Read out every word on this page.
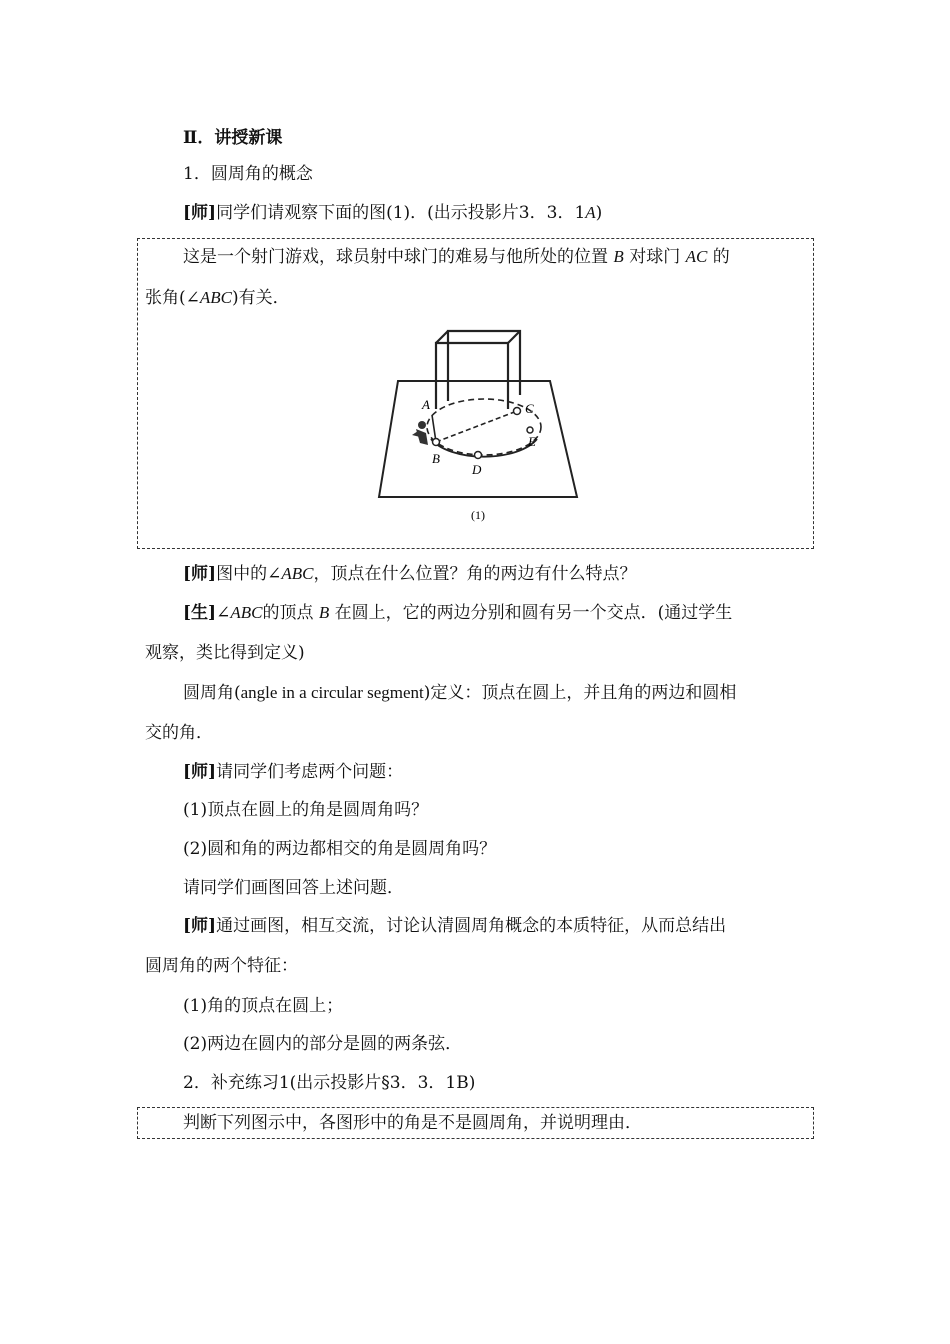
Ⅱ．讲授新课
1．圆周角的概念
[师]同学们请观察下面的图(1)．(出示投影片3．3．1A)
这是一个射门游戏，球员射中球门的难易与他所处的位置 B 对球门 AC 的
张角(∠ABC)有关．
A
B
C
D
E
(1)
[师]图中的∠ABC，顶点在什么位置？角的两边有什么特点？
[生]∠ABC的顶点 B 在圆上，它的两边分别和圆有另一个交点．(通过学生
观察，类比得到定义)
圆周角(angle in a circular segment)定义：顶点在圆上，并且角的两边和圆相
交的角．
[师]请同学们考虑两个问题：
(1)顶点在圆上的角是圆周角吗？
(2)圆和角的两边都相交的角是圆周角吗？
请同学们画图回答上述问题．
[师]通过画图，相互交流，讨论认清圆周角概念的本质特征，从而总结出
圆周角的两个特征：
(1)角的顶点在圆上；
(2)两边在圆内的部分是圆的两条弦．
2．补充练习1(出示投影片§3．3．1B)
判断下列图示中，各图形中的角是不是圆周角，并说明理由．
